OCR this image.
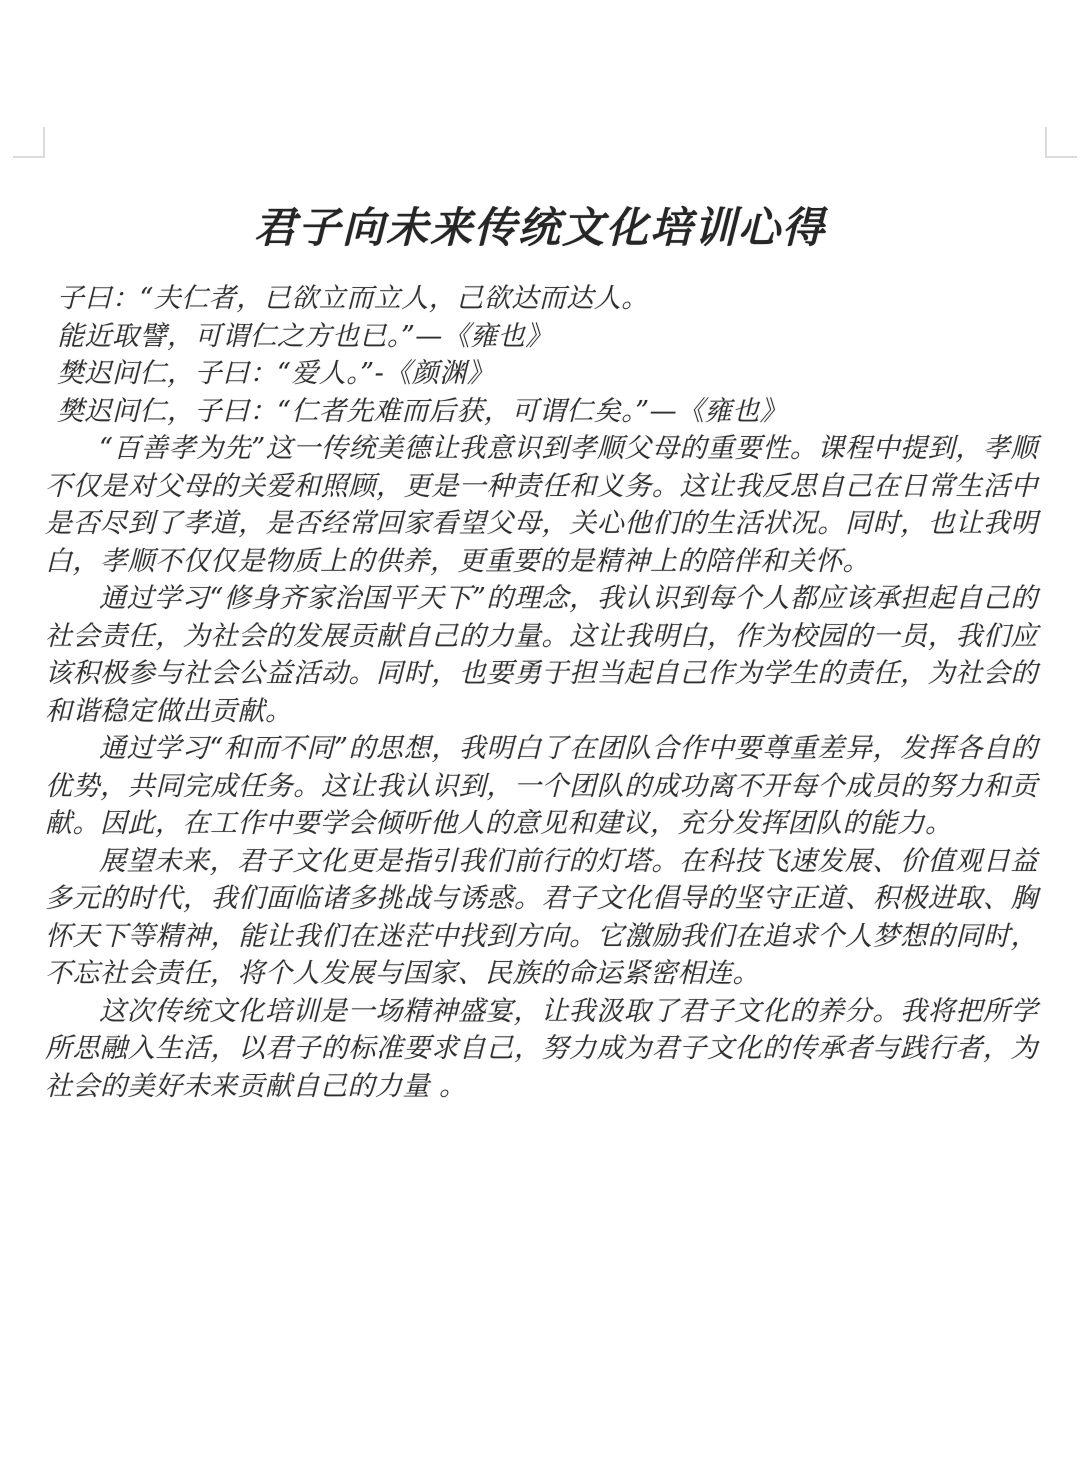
君子向未来传统文化培训心得

子曰：“夫仁者，已欲立而立人，己欲达而达人。

能近取譬，可谓仁之方也已。”—《雍也》

樊迟问仁，子曰：“爱人。”-《颜渊》

樊迟问仁，子曰：“仁者先难而后获，可谓仁矣。”—《雍也》

“百善孝为先”这一传统美德让我意识到孝顺父母的重要性。课程中提到，孝顺不仅是对父母的关爱和照顾，更是一种责任和义务。这让我反思自己在日常生活中是否尽到了孝道，是否经常回家看望父母，关心他们的生活状况。同时，也让我明白，孝顺不仅仅是物质上的供养，更重要的是精神上的陪伴和关怀。

通过学习“修身齐家治国平天下”的理念，我认识到每个人都应该承担起自己的社会责任，为社会的发展贡献自己的力量。这让我明白，作为校园的一员，我们应该积极参与社会公益活动。同时，也要勇于担当起自己作为学生的责任，为社会的和谐稳定做出贡献。

通过学习“和而不同”的思想，我明白了在团队合作中要尊重差异，发挥各自的优势，共同完成任务。这让我认识到，一个团队的成功离不开每个成员的努力和贡献。因此，在工作中要学会倾听他人的意见和建议，充分发挥团队的能力。

展望未来，君子文化更是指引我们前行的灯塔。在科技飞速发展、价值观日益多元的时代，我们面临诸多挑战与诱惑。君子文化倡导的坚守正道、积极进取、胸怀天下等精神，能让我们在迷茫中找到方向。它激励我们在追求个人梦想的同时，不忘社会责任，将个人发展与国家、民族的命运紧密相连。

这次传统文化培训是一场精神盛宴，让我汲取了君子文化的养分。我将把所学所思融入生活，以君子的标准要求自己，努力成为君子文化的传承者与践行者，为社会的美好未来贡献自己的力量 。
